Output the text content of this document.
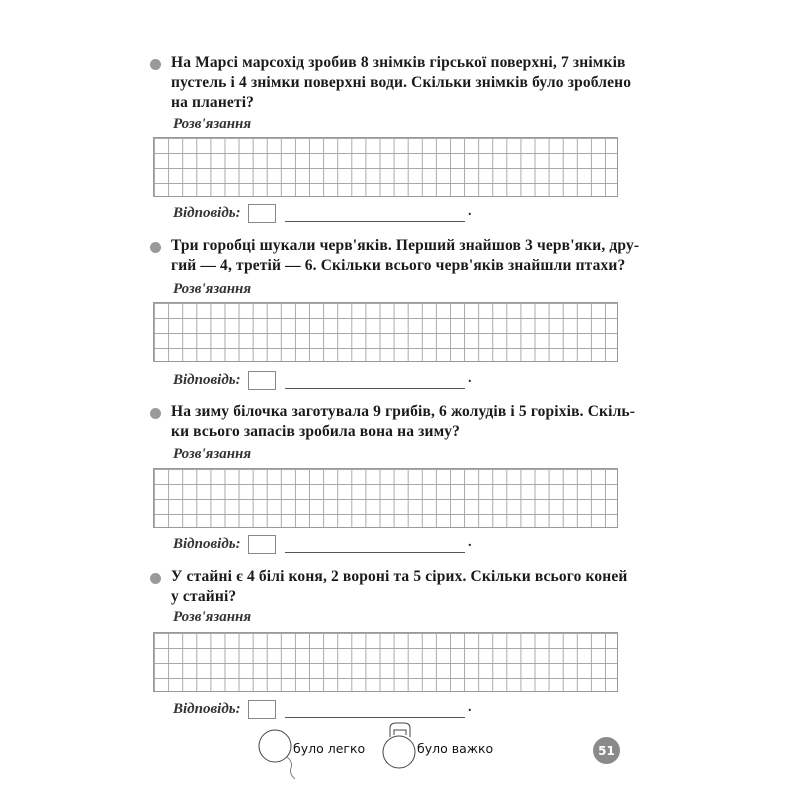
На Марсі марсохід зробив 8 знімків гірської поверхні, 7 знімків
пустель і 4 знімки поверхні води. Скільки знімків було зроблено
на планеті?
Розв'язання
Відповідь:	.
Три горобці шукали черв'яків. Перший знайшов 3 черв'яки, дру-
гий — 4, третій — 6. Скільки всього черв'яків знайшли птахи?
Розв'язання
Відповідь:	.
На зиму білочка заготувала 9 грибів, 6 жолудів і 5 горіхів. Скіль-
ки всього запасів зробила вона на зиму?
Розв'язання
Відповідь:	.
У стайні є 4 білі коня, 2 вороні та 5 сірих. Скільки всього коней
у стайні?
Розв'язання
Відповідь:	.
було легко	було важко	51
